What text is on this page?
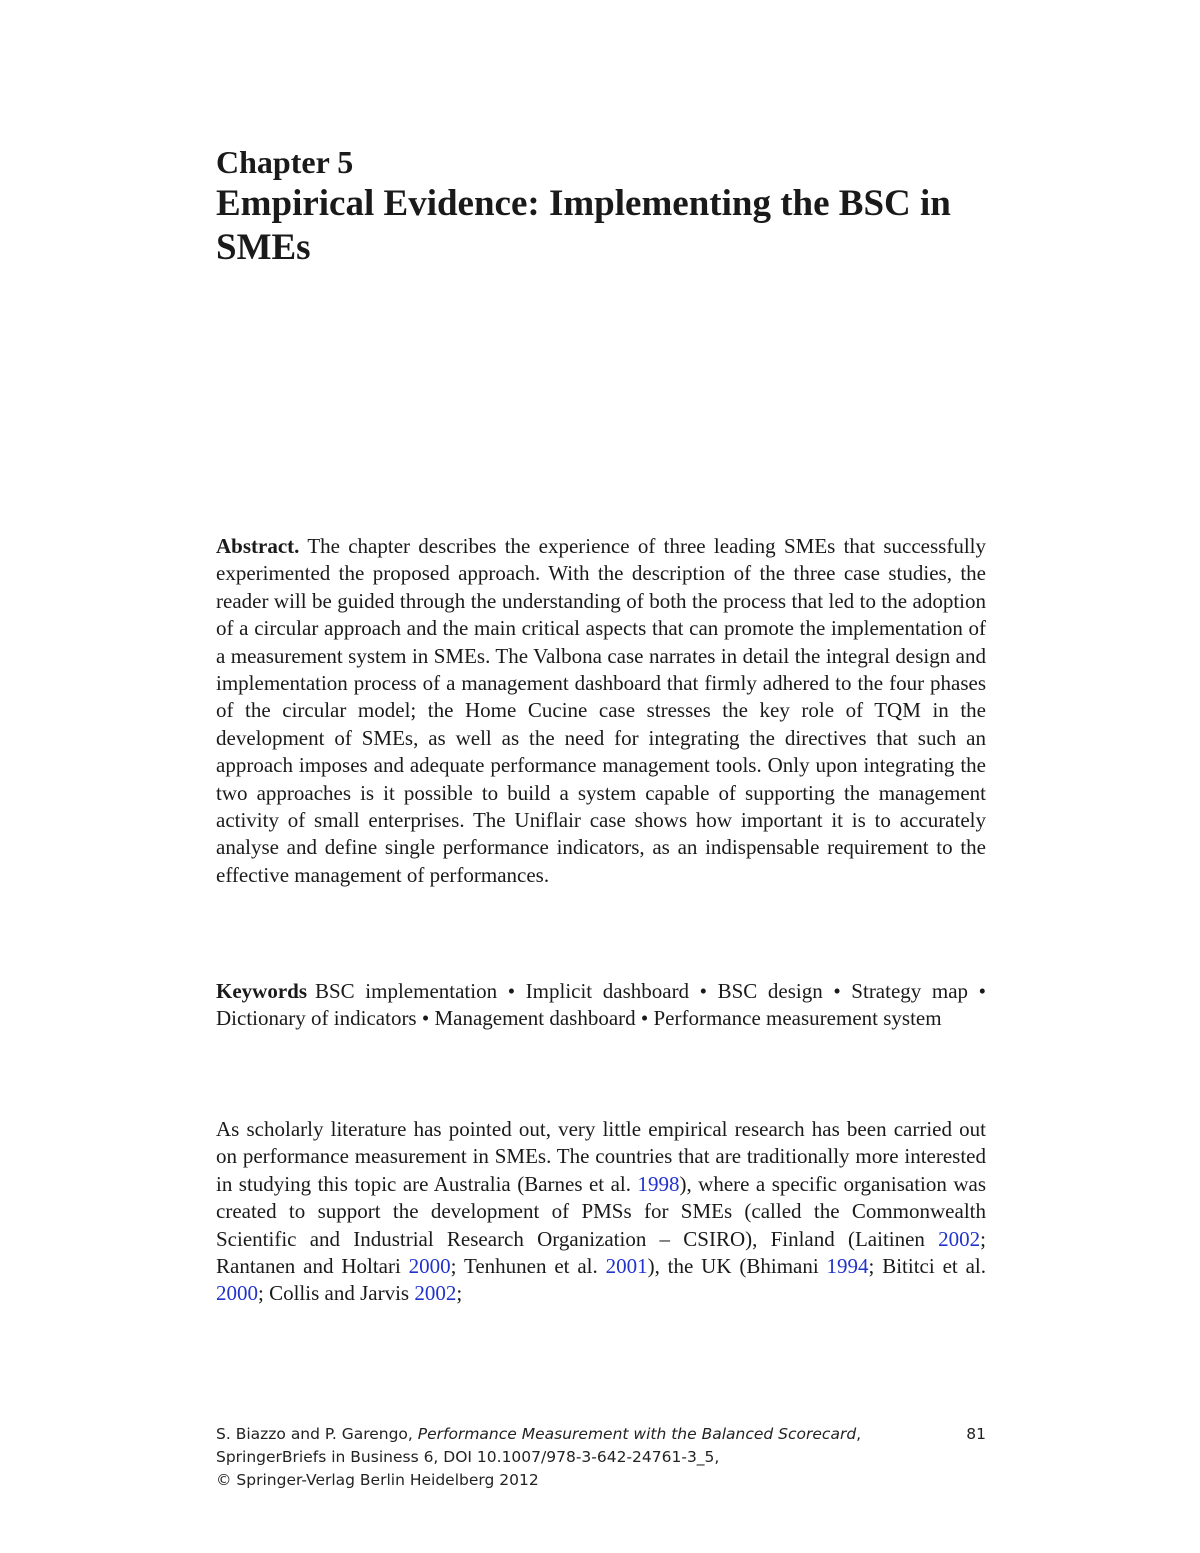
Chapter 5
Empirical Evidence: Implementing the BSC in SMEs

Abstract. The chapter describes the experience of three leading SMEs that successfully experimented the proposed approach. With the description of the three case studies, the reader will be guided through the understanding of both the process that led to the adoption of a circular approach and the main critical aspects that can promote the implementation of a measurement system in SMEs. The Valbona case narrates in detail the integral design and implementation process of a management dashboard that firmly adhered to the four phases of the circular model; the Home Cucine case stresses the key role of TQM in the development of SMEs, as well as the need for integrating the directives that such an approach imposes and adequate performance management tools. Only upon integrating the two approaches is it possible to build a system capable of supporting the management activity of small enterprises. The Uniflair case shows how important it is to accurately analyse and define single performance indicators, as an indispensable requirement to the effective management of performances.

Keywords BSC implementation • Implicit dashboard • BSC design • Strategy map • Dictionary of indicators • Management dashboard • Performance measurement system

As scholarly literature has pointed out, very little empirical research has been carried out on performance measurement in SMEs. The countries that are traditionally more interested in studying this topic are Australia (Barnes et al. 1998), where a specific organisation was created to support the development of PMSs for SMEs (called the Commonwealth Scientific and Industrial Research Organization – CSIRO), Finland (Laitinen 2002; Rantanen and Holtari 2000; Tenhunen et al. 2001), the UK (Bhimani 1994; Bititci et al. 2000; Collis and Jarvis 2002;

S. Biazzo and P. Garengo, Performance Measurement with the Balanced Scorecard,
SpringerBriefs in Business 6, DOI 10.1007/978-3-642-24761-3_5,
© Springer-Verlag Berlin Heidelberg 2012
81
